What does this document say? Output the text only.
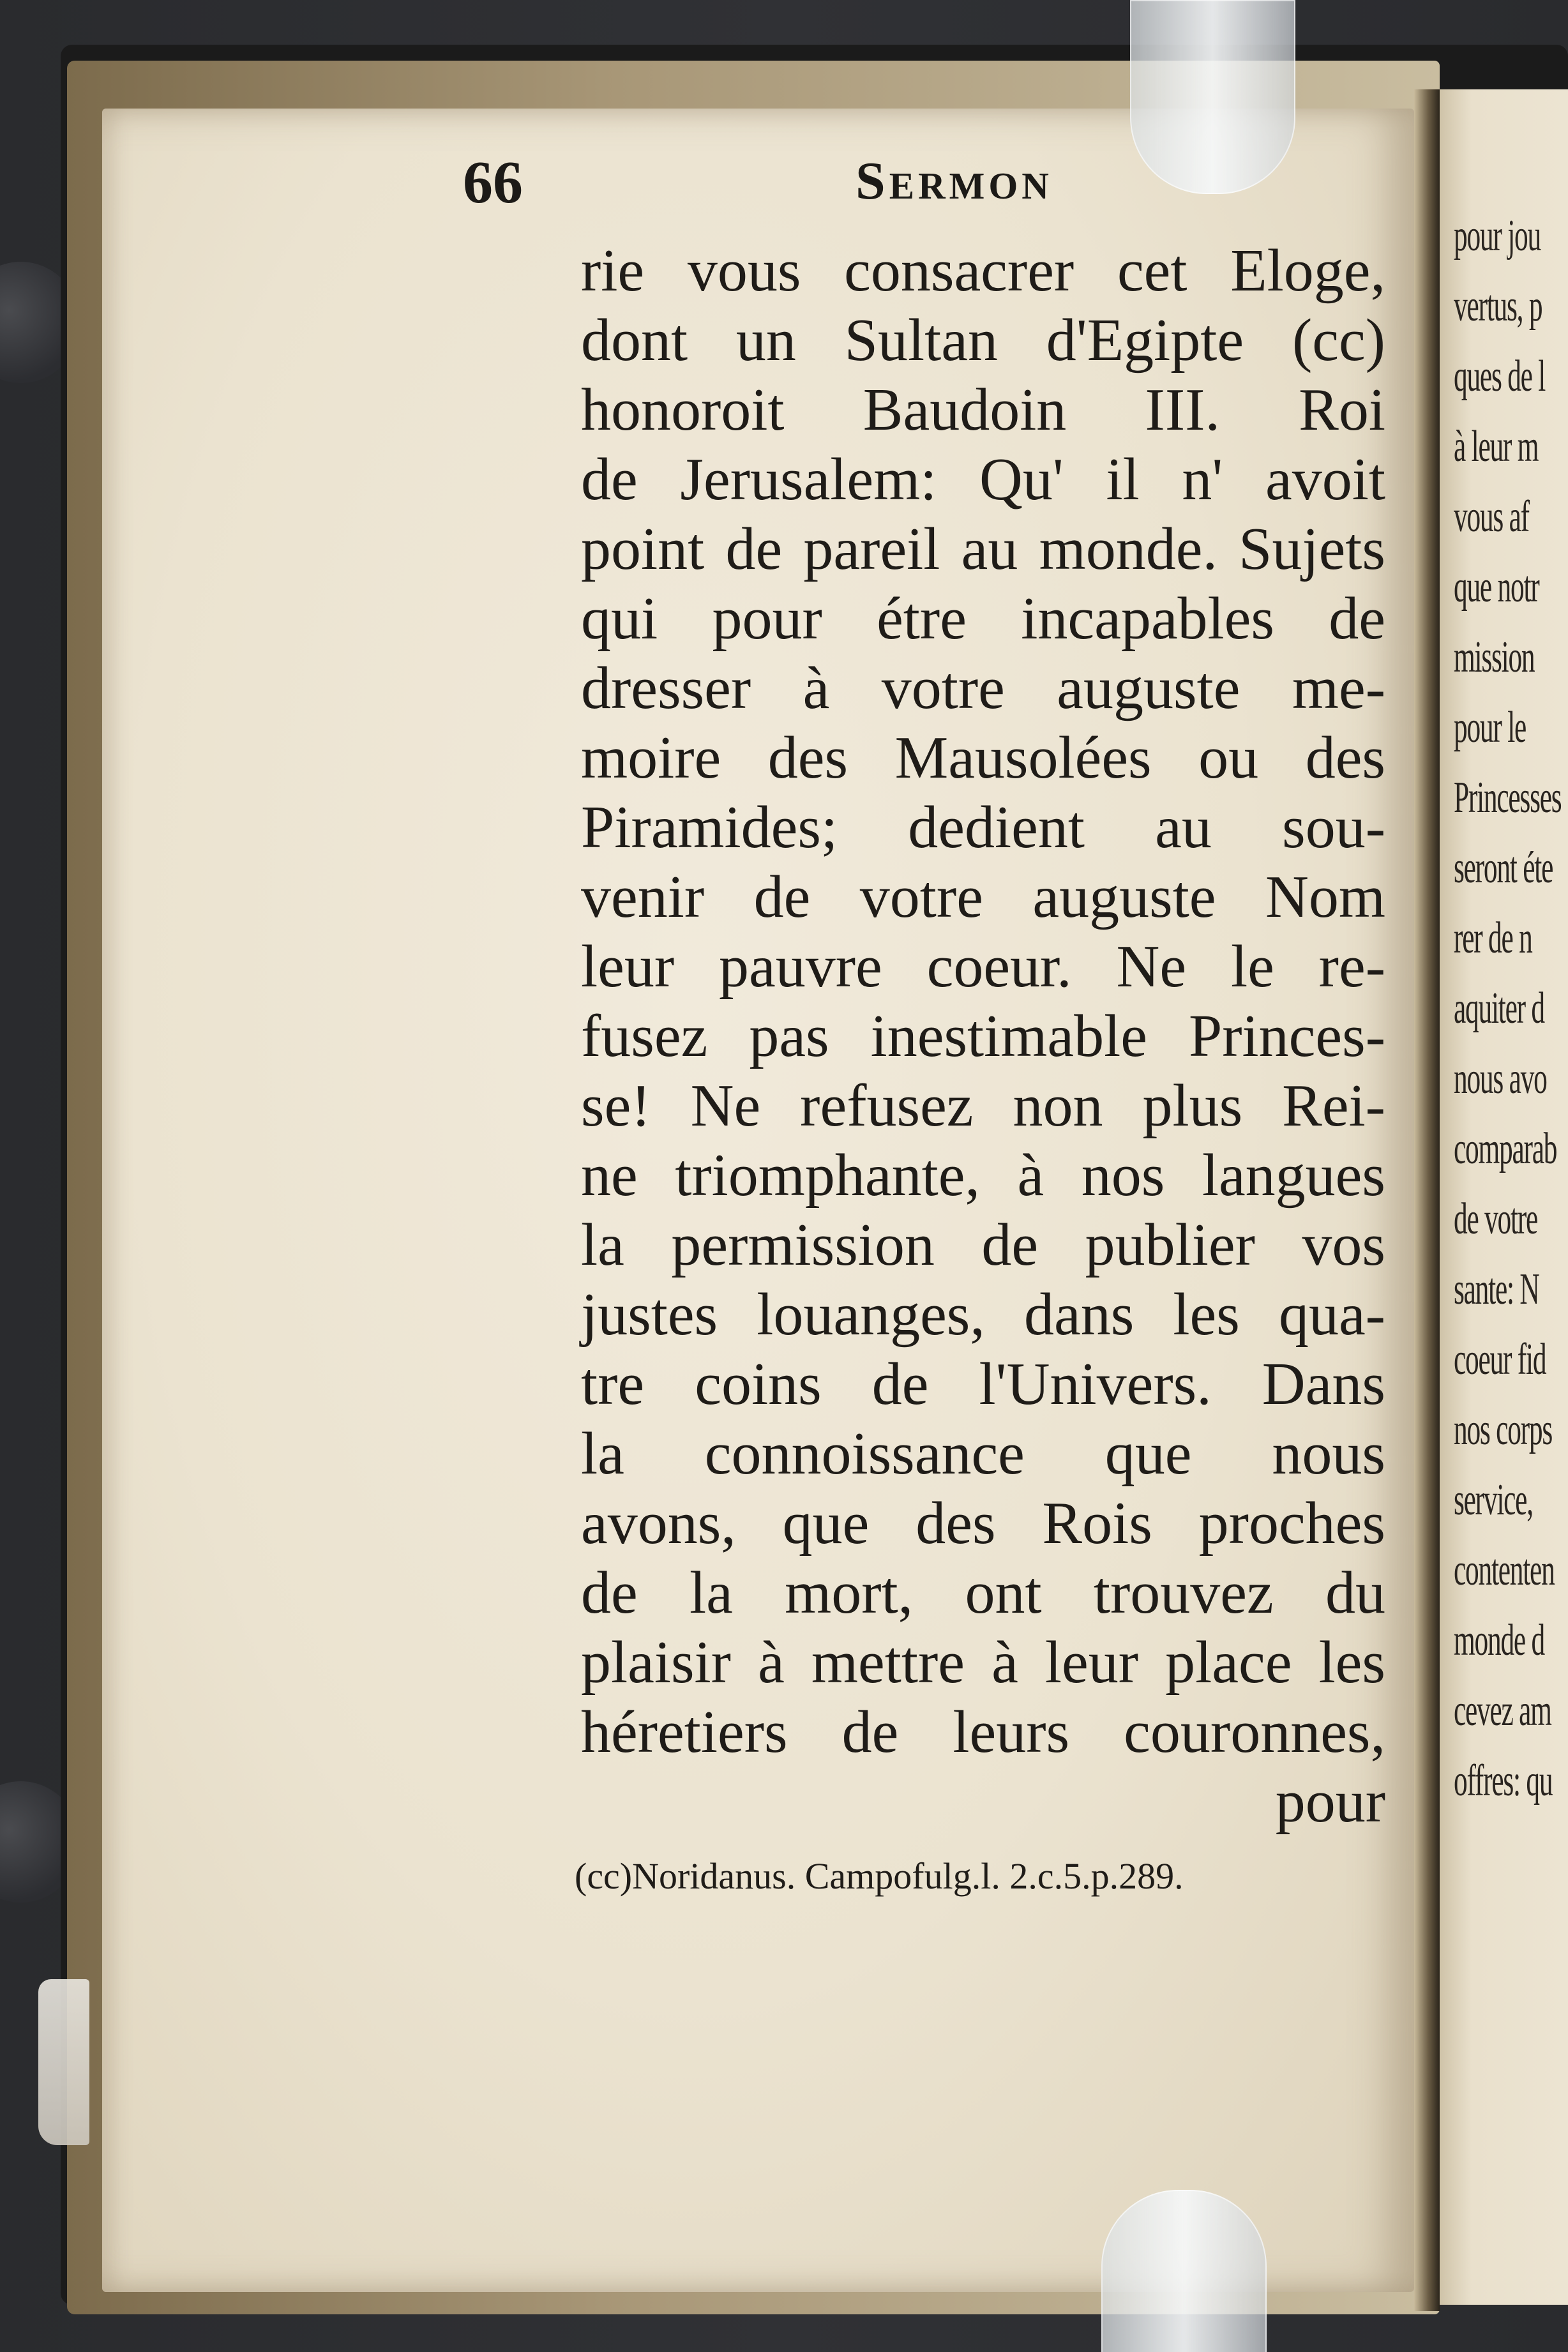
66	Sermon
rie vous consacrer cet Eloge,
dont un Sultan d'Egipte (cc)
honoroit Baudoin III. Roi
de Jerusalem: Qu' il n' avoit
point de pareil au monde. Sujets
qui pour étre incapables de
dresser à votre auguste me-
moire des Mausolées ou des
Piramides; dedient au sou-
venir de votre auguste Nom
leur pauvre coeur. Ne le re-
fusez pas inestimable Princes-
se! Ne refusez non plus Rei-
ne triomphante, à nos langues
la permission de publier vos
justes louanges, dans les qua-
tre coins de l'Univers. Dans
la connoissance que nous
avons, que des Rois proches
de la mort, ont trouvez du
plaisir à mettre à leur place les
héretiers de leurs couronnes,
pour

(cc)Noridanus. Campofulg.l. 2.c.5.p.289.

pour jou
vertus, p
ques de l
à leur m
vous af
que notr
mission
pour le
Princesses
seront éte
rer de n
aquiter d
nous avo
comparab
de votre
sante: N
coeur fid
nos corps
service,
contenten
monde d
cevez am
offres: qu
